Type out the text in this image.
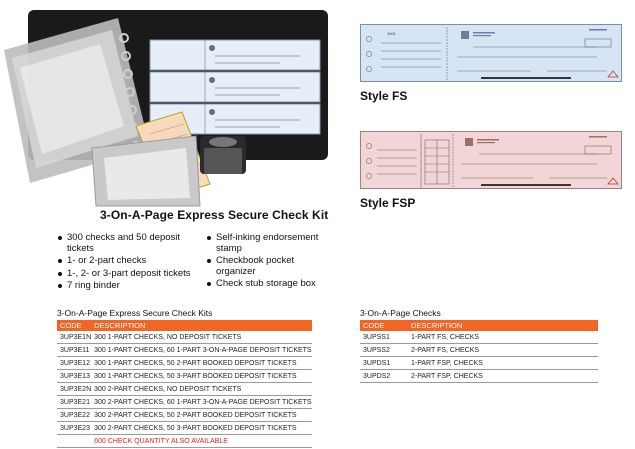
1001
Style FS
Style FSP
3-On-A-Page Express Secure Check Kit
300 checks and 50 deposit tickets
1- or 2-part checks
1-, 2- or 3-part deposit tickets
7 ring binder
Self-inking endorsement stamp
Checkbook pocket organizer
Check stub storage box
3-On-A-Page Express Secure Check Kits
CODE	DESCRIPTION
3UP3E1N	300 1-PART CHECKS, NO DEPOSIT TICKETS
3UP3E11	300 1-PART CHECKS, 60 1-PART 3-ON-A-PAGE DEPOSIT TICKETS
3UP3E12	300 1-PART CHECKS, 50 2-PART BOOKED DEPOSIT TICKETS
3UP3E13	300 1-PART CHECKS, 50 3-PART BOOKED DEPOSIT TICKETS
3UP3E2N	300 2-PART CHECKS, NO DEPOSIT TICKETS
3UP3E21	300 2-PART CHECKS, 60 1-PART 3-ON-A-PAGE DEPOSIT TICKETS
3UP3E22	300 2-PART CHECKS, 50 2-PART BOOKED DEPOSIT TICKETS
3UP3E23	300 2-PART CHECKS, 50 3-PART BOOKED DEPOSIT TICKETS
	600 CHECK QUANTITY ALSO AVAILABLE
3-On-A-Page Checks
CODE	DESCRIPTION
3UPSS1	1-PART FS, CHECKS
3UPSS2	2-PART FS, CHECKS
3UPDS1	1-PART FSP, CHECKS
3UPDS2	2-PART FSP, CHECKS
